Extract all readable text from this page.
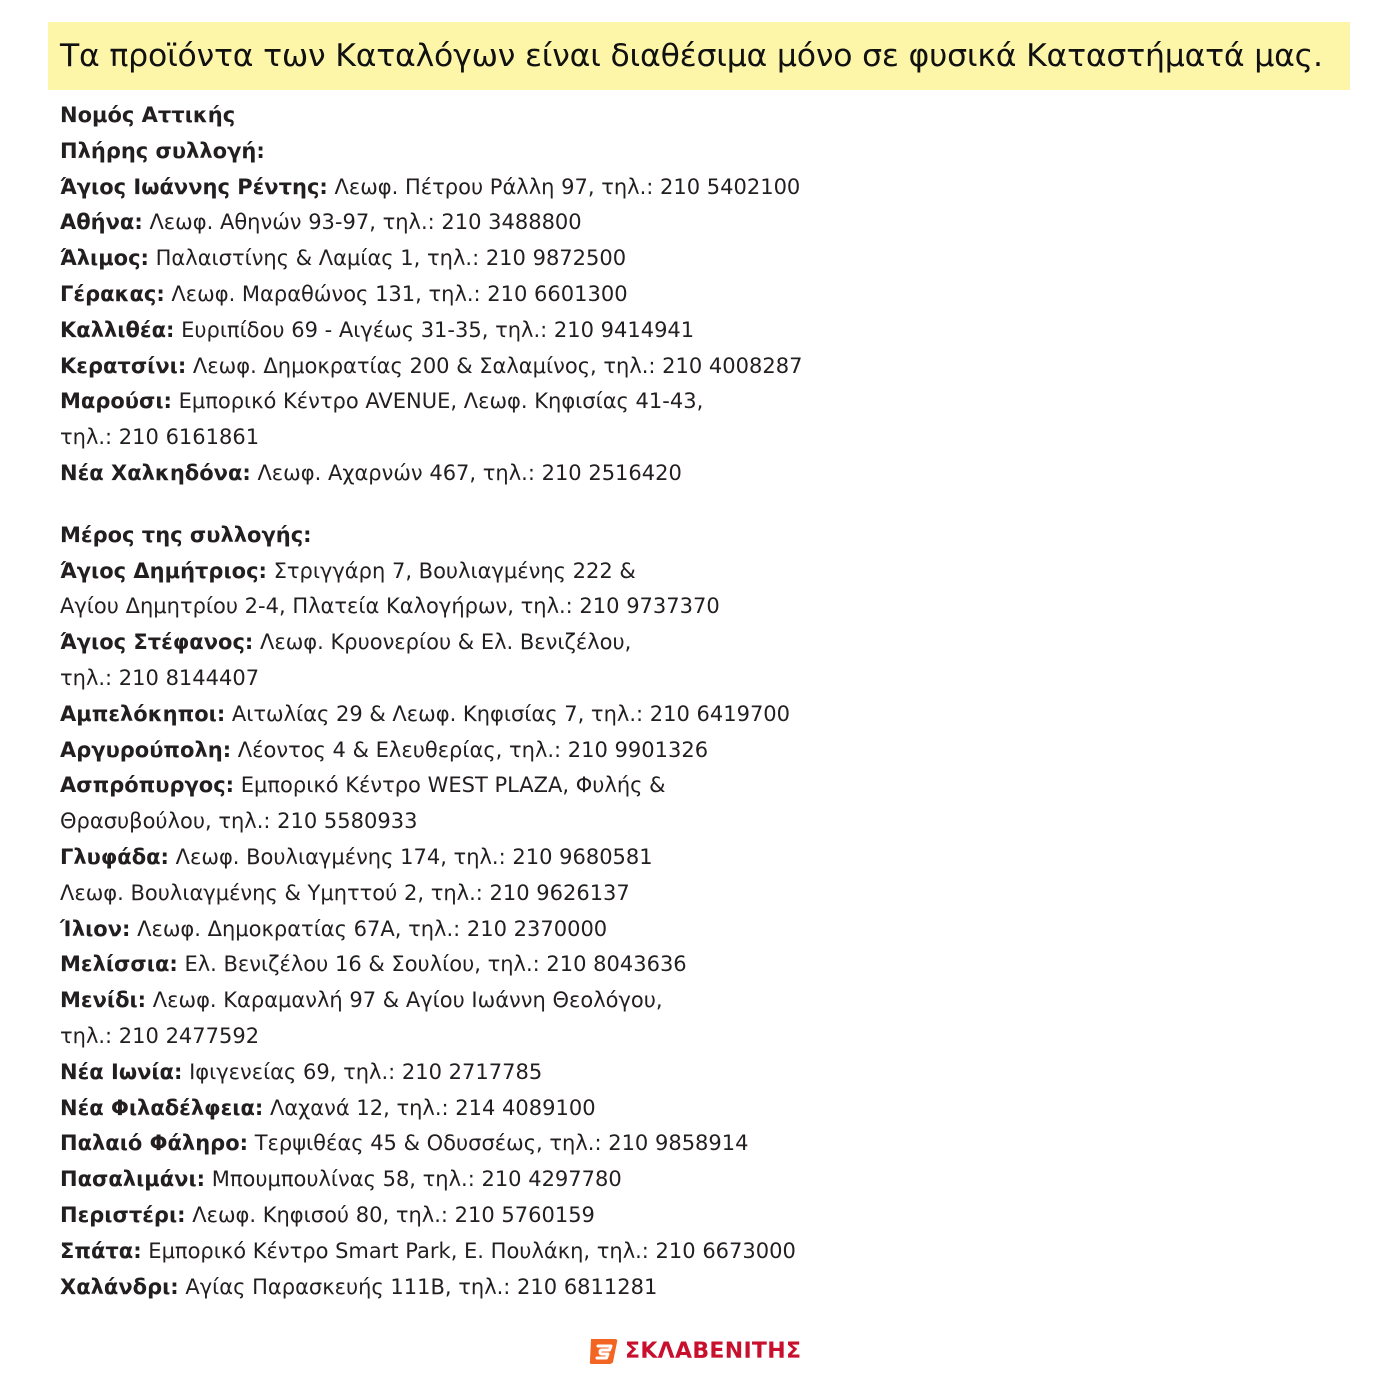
Τα προϊόντα των Καταλόγων είναι διαθέσιμα μόνο σε φυσικά Καταστήματά μας.
Νομός Αττικής
Πλήρης συλλογή:
Άγιος Ιωάννης Ρέντης: Λεωφ. Πέτρου Ράλλη 97, τηλ.: 210 5402100
Αθήνα: Λεωφ. Αθηνών 93-97, τηλ.: 210 3488800
Άλιμος: Παλαιστίνης & Λαμίας 1, τηλ.: 210 9872500
Γέρακας: Λεωφ. Μαραθώνος 131, τηλ.: 210 6601300
Καλλιθέα: Ευριπίδου 69 - Αιγέως 31-35, τηλ.: 210 9414941
Κερατσίνι: Λεωφ. Δημοκρατίας 200 & Σαλαμίνος, τηλ.: 210 4008287
Μαρούσι: Εμπορικό Κέντρο AVENUE, Λεωφ. Κηφισίας 41-43,
τηλ.: 210 6161861
Νέα Χαλκηδόνα: Λεωφ. Αχαρνών 467, τηλ.: 210 2516420
Μέρος της συλλογής:
Άγιος Δημήτριος: Στριγγάρη 7, Βουλιαγμένης 222 &
Αγίου Δημητρίου 2-4, Πλατεία Καλογήρων, τηλ.: 210 9737370
Άγιος Στέφανος: Λεωφ. Κρυονερίου & Ελ. Βενιζέλου,
τηλ.: 210 8144407
Αμπελόκηποι: Αιτωλίας 29 & Λεωφ. Κηφισίας 7, τηλ.: 210 6419700
Αργυρούπολη: Λέοντος 4 & Ελευθερίας, τηλ.: 210 9901326
Ασπρόπυργος: Εμπορικό Κέντρο WEST PLAZA, Φυλής &
Θρασυβούλου, τηλ.: 210 5580933
Γλυφάδα: Λεωφ. Βουλιαγμένης 174, τηλ.: 210 9680581
Λεωφ. Βουλιαγμένης & Υμηττού 2, τηλ.: 210 9626137
Ίλιον: Λεωφ. Δημοκρατίας 67Α, τηλ.: 210 2370000
Μελίσσια: Ελ. Βενιζέλου 16 & Σουλίου, τηλ.: 210 8043636
Μενίδι: Λεωφ. Καραμανλή 97 & Αγίου Ιωάννη Θεολόγου,
τηλ.: 210 2477592
Νέα Ιωνία: Ιφιγενείας 69, τηλ.: 210 2717785
Νέα Φιλαδέλφεια: Λαχανά 12, τηλ.: 214 4089100
Παλαιό Φάληρο: Τερψιθέας 45 & Οδυσσέως, τηλ.: 210 9858914
Πασαλιμάνι: Μπουμπουλίνας 58, τηλ.: 210 4297780
Περιστέρι: Λεωφ. Κηφισού 80, τηλ.: 210 5760159
Σπάτα: Εμπορικό Κέντρο Smart Park, Ε. Πουλάκη, τηλ.: 210 6673000
Χαλάνδρι: Αγίας Παρασκευής 111Β, τηλ.: 210 6811281
ΣΚΛΑΒΕΝΙΤΗΣ
